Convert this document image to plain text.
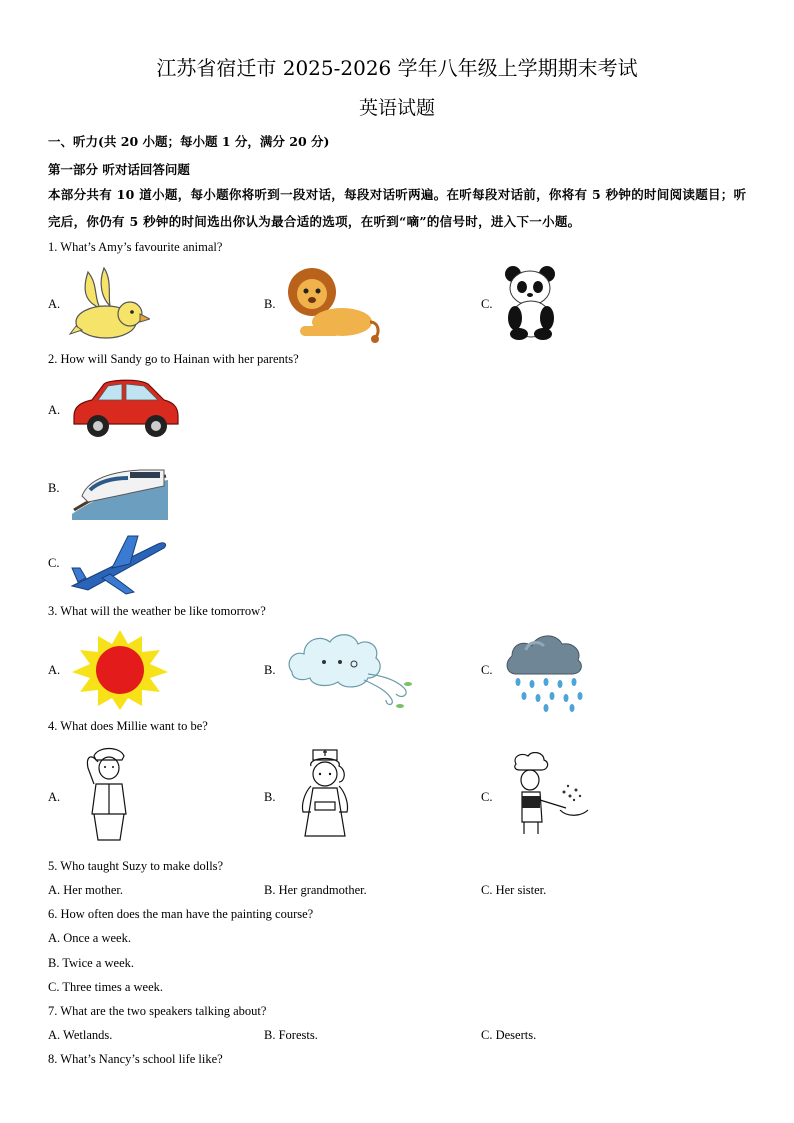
江苏省宿迁市 2025-2026 学年八年级上学期期末考试
英语试题
一、听力(共 20 小题；每小题 1 分，满分 20 分)
第一部分 听对话回答问题
本部分共有 10 道小题，每小题你将听到一段对话，每段对话听两遍。在听每段对话前，你将有 5 秒钟的时间阅读题目；听完后，你仍有 5 秒钟的时间选出你认为最合适的选项，在听到“嘀”的信号时，进入下一小题。
1. What’s Amy’s favourite animal?
A.	B.	C.
2. How will Sandy go to Hainan with her parents?
A.
B.
C.
3. What will the weather be like tomorrow?
A.	B.	C.
4. What does Millie want to be?
A.	B.	C.
5. Who taught Suzy to make dolls?
A. Her mother.	B. Her grandmother.	C. Her sister.
6. How often does the man have the painting course?
A. Once a week.
B. Twice a week.
C. Three times a week.
7. What are the two speakers talking about?
A. Wetlands.	B. Forests.	C. Deserts.
8. What’s Nancy’s school life like?
